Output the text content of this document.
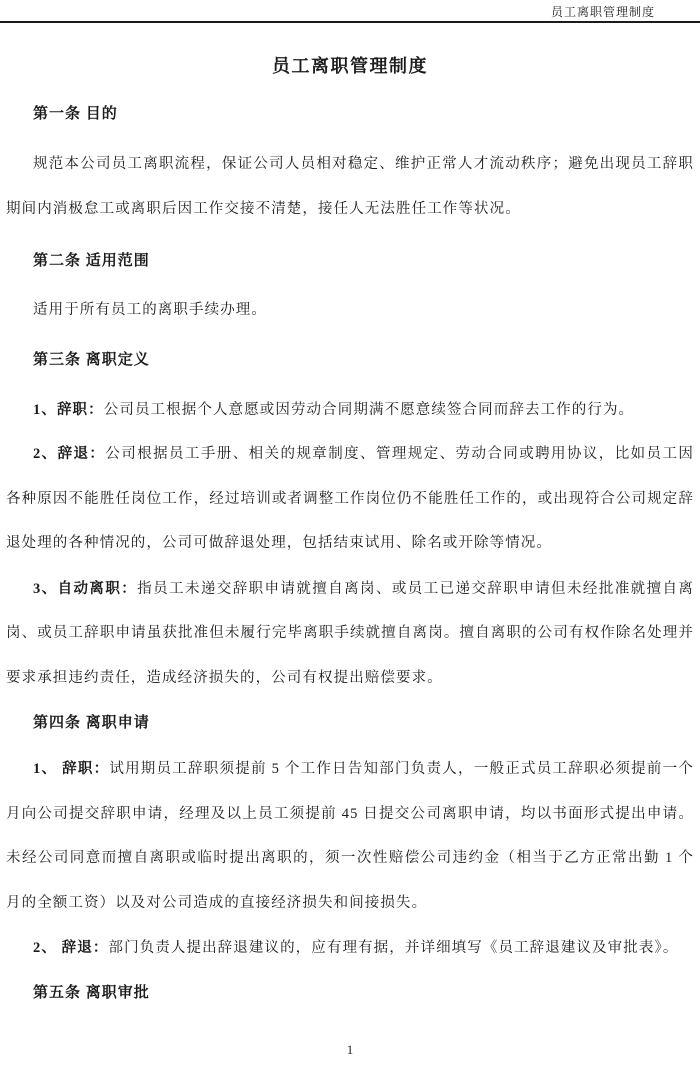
员工离职管理制度

员工离职管理制度

第一条 目的

规范本公司员工离职流程，保证公司人员相对稳定、维护正常人才流动秩序；避免出现员工辞职期间内消极怠工或离职后因工作交接不清楚，接任人无法胜任工作等状况。

第二条 适用范围

适用于所有员工的离职手续办理。

第三条 离职定义

1、辞职：公司员工根据个人意愿或因劳动合同期满不愿意续签合同而辞去工作的行为。

2、辞退：公司根据员工手册、相关的规章制度、管理规定、劳动合同或聘用协议，比如员工因各种原因不能胜任岗位工作，经过培训或者调整工作岗位仍不能胜任工作的，或出现符合公司规定辞退处理的各种情况的，公司可做辞退处理，包括结束试用、除名或开除等情况。

3、自动离职：指员工未递交辞职申请就擅自离岗、或员工已递交辞职申请但未经批准就擅自离岗、或员工辞职申请虽获批准但未履行完毕离职手续就擅自离岗。擅自离职的公司有权作除名处理并要求承担违约责任，造成经济损失的，公司有权提出赔偿要求。

第四条 离职申请

1、 辞职：试用期员工辞职须提前 5 个工作日告知部门负责人，一般正式员工辞职必须提前一个月向公司提交辞职申请，经理及以上员工须提前 45 日提交公司离职申请，均以书面形式提出申请。未经公司同意而擅自离职或临时提出离职的，须一次性赔偿公司违约金（相当于乙方正常出勤 1 个月的全额工资）以及对公司造成的直接经济损失和间接损失。

2、 辞退：部门负责人提出辞退建议的，应有理有据，并详细填写《员工辞退建议及审批表》。

第五条 离职审批

1
